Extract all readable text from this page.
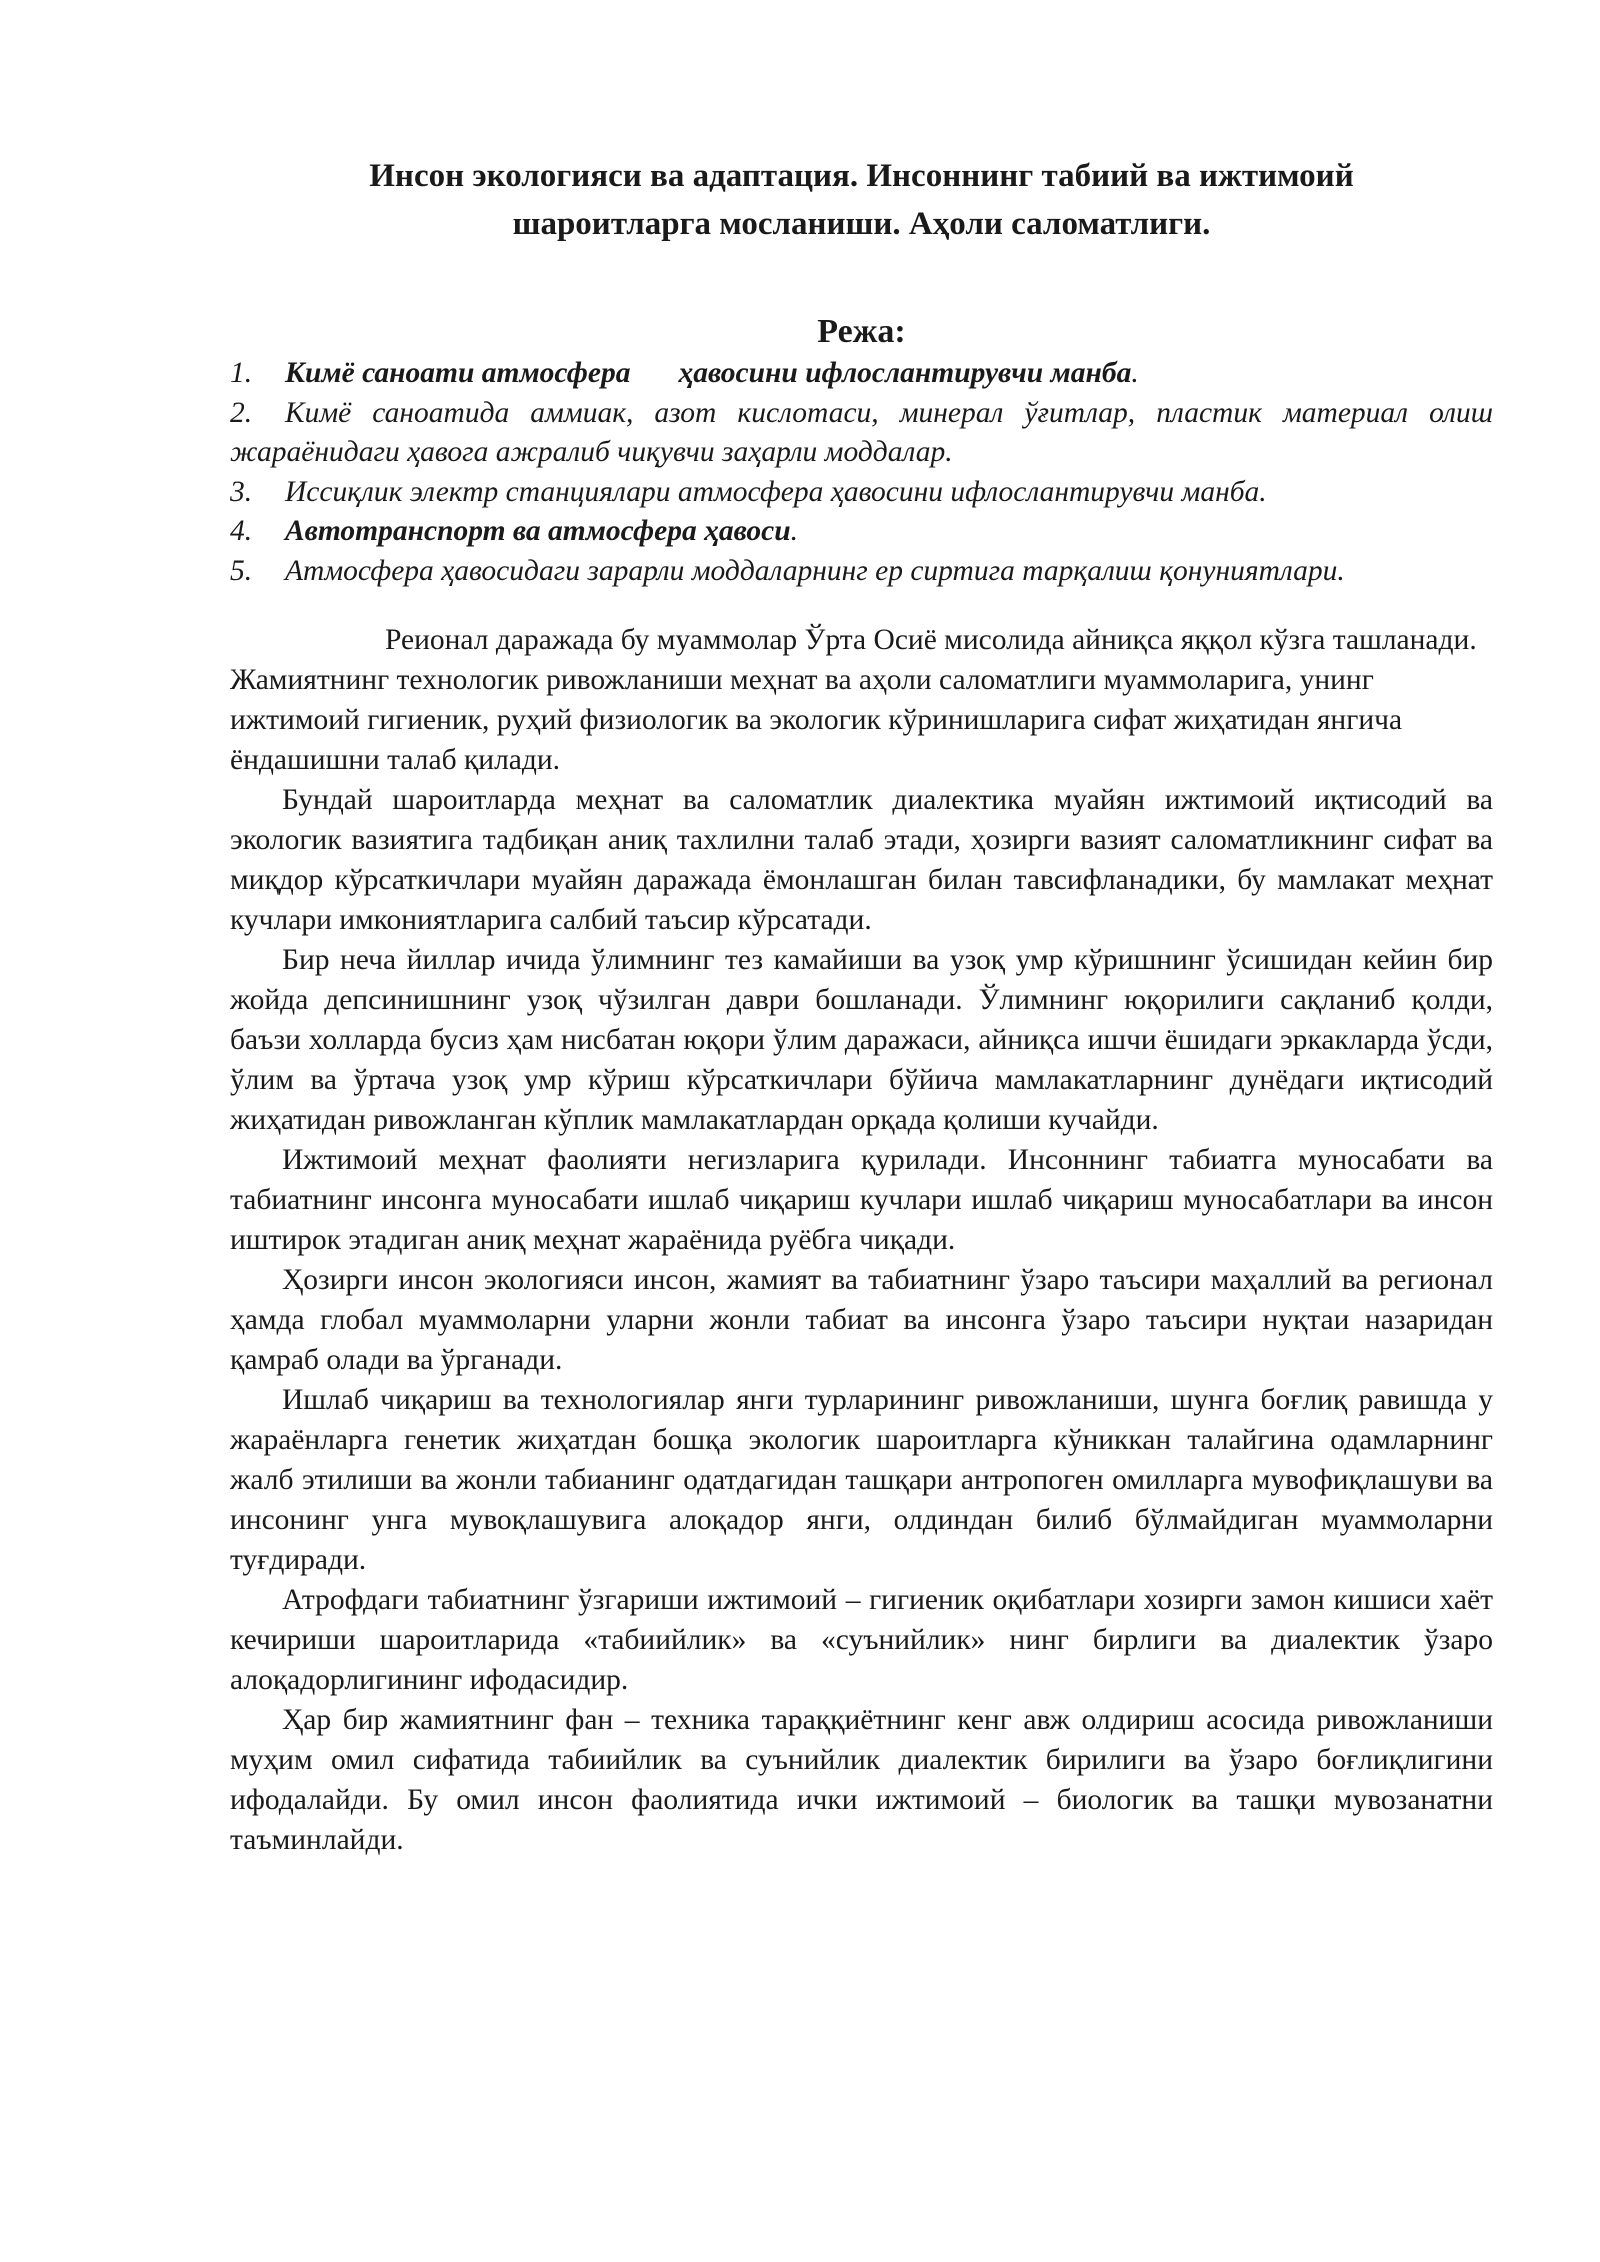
Инсон экологияси ва адаптация. Инсоннинг табиий ва ижтимоий
шароитларга мосланиши. Аҳоли саломатлиги.
Режа:
1. Кимё саноати атмосфера ҳавосини ифлослантирувчи манба.
2. Кимё саноатида аммиак, азот кислотаси, минерал ўғитлар, пластик материал олиш жараёнидаги ҳавога ажралиб чиқувчи заҳарли моддалар.
3. Иссиқлик электр станциялари атмосфера ҳавосини ифлослантирувчи манба.
4. Автотранспорт ва атмосфера ҳавоси.
5. Атмосфера ҳавосидаги зарарли моддаларнинг ер сиртига тарқалиш қонуниятлари.

Реионал даражада бу муаммолар Ўрта Осиё мисолида айниқса яққол кўзга ташланади. Жамиятнинг технологик ривожланиши меҳнат ва аҳоли саломатлиги муаммоларига, унинг ижтимоий гигиеник, руҳий физиологик ва экологик кўринишларига сифат жиҳатидан янгича ёндашишни талаб қилади.

Бундай шароитларда меҳнат ва саломатлик диалектика муайян ижтимоий иқтисодий ва экологик вазиятига тадбиқан аниқ тахлилни талаб этади, ҳозирги вазият саломатликнинг сифат ва миқдор кўрсаткичлари муайян даражада ёмонлашган билан тавсифланадики, бу мамлакат меҳнат кучлари имкониятларига салбий таъсир кўрсатади.

Бир неча йиллар ичида ўлимнинг тез камайиши ва узоқ умр кўришнинг ўсишидан кейин бир жойда депсинишнинг узоқ чўзилган даври бошланади. Ўлимнинг юқорилиги сақланиб қолди, баъзи холларда бусиз ҳам нисбатан юқори ўлим даражаси, айниқса ишчи ёшидаги эркакларда ўсди, ўлим ва ўртача узоқ умр кўриш кўрсаткичлари бўйича мамлакатларнинг дунёдаги иқтисодий жиҳатидан ривожланган кўплик мамлакатлардан орқада қолиши кучайди.

Ижтимоий меҳнат фаолияти негизларига қурилади. Инсоннинг табиатга муносабати ва табиатнинг инсонга муносабати ишлаб чиқариш кучлари ишлаб чиқариш муносабатлари ва инсон иштирок этадиган аниқ меҳнат жараёнида руёбга чиқади.

Ҳозирги инсон экологияси инсон, жамият ва табиатнинг ўзаро таъсири маҳаллий ва регионал ҳамда глобал муаммоларни уларни жонли табиат ва инсонга ўзаро таъсири нуқтаи назаридан қамраб олади ва ўрганади.

Ишлаб чиқариш ва технологиялар янги турларининг ривожланиши, шунга боғлиқ равишда у жараёнларга генетик жиҳатдан бошқа экологик шароитларга кўниккан талайгина одамларнинг жалб этилиши ва жонли табианинг одатдагидан ташқари антропоген омилларга мувофиқлашуви ва инсонинг унга мувоқлашувига алоқадор янги, олдиндан билиб бўлмайдиган муаммоларни туғдиради.

Атрофдаги табиатнинг ўзгариши ижтимоий – гигиеник оқибатлари хозирги замон кишиси хаёт кечириши шароитларида «табиийлик» ва «суънийлик» нинг бирлиги ва диалектик ўзаро алоқадорлигининг ифодасидир.

Ҳар бир жамиятнинг фан – техника тараққиётнинг кенг авж олдириш асосида ривожланиши муҳим омил сифатида табиийлик ва суънийлик диалектик бирилиги ва ўзаро боғлиқлигини ифодалайди. Бу омил инсон фаолиятида ички ижтимоий – биологик ва ташқи мувозанатни таъминлайди.
